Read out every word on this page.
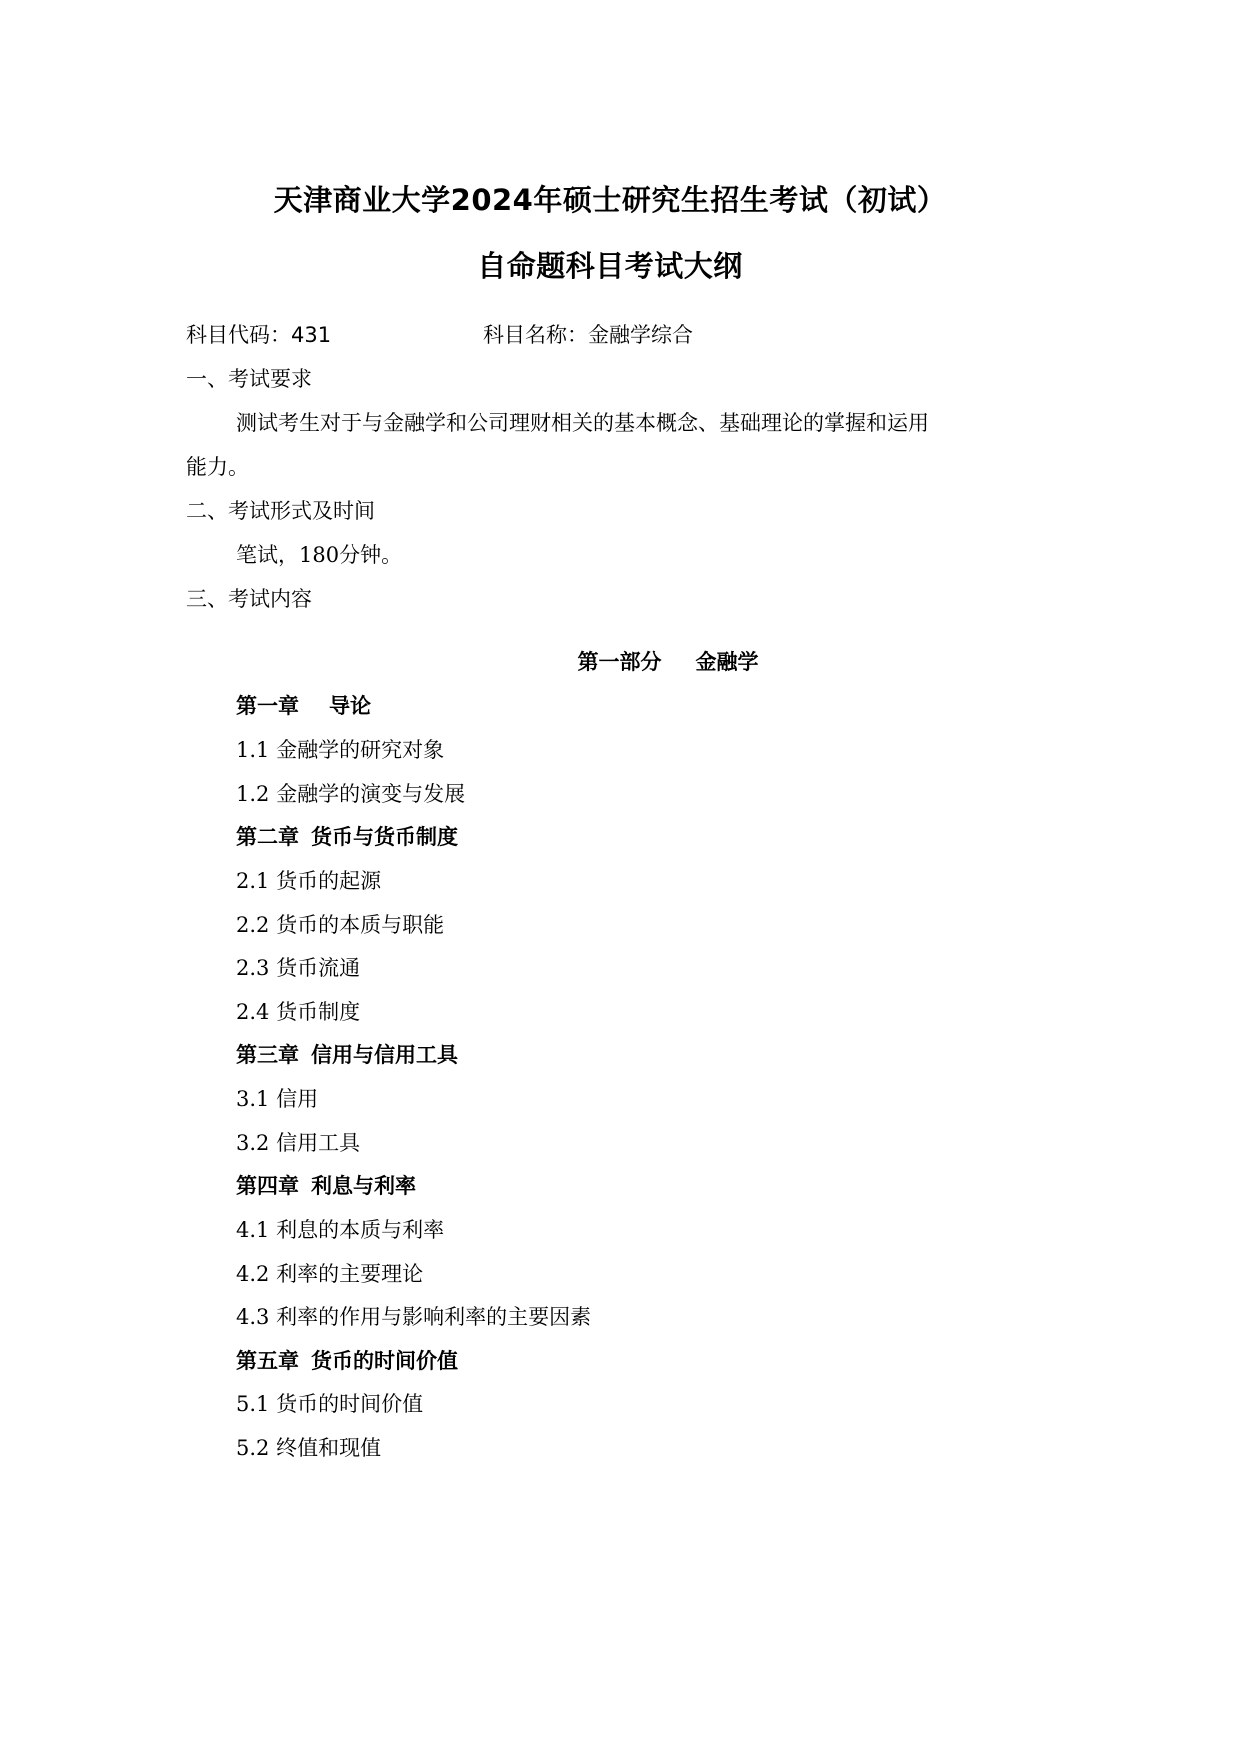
天津商业大学2024年硕士研究生招生考试（初试）
自命题科目考试大纲
科目代码：431	科目名称：金融学综合
一、考试要求
测试考生对于与金融学和公司理财相关的基本概念、基础理论的掌握和运用
能力。
二、考试形式及时间
笔试，180分钟。
三、考试内容
第一部分 金融学
第一章 导论
1.1 金融学的研究对象
1.2 金融学的演变与发展
第二章 货币与货币制度
2.1 货币的起源
2.2 货币的本质与职能
2.3 货币流通
2.4 货币制度
第三章 信用与信用工具
3.1 信用
3.2 信用工具
第四章 利息与利率
4.1 利息的本质与利率
4.2 利率的主要理论
4.3 利率的作用与影响利率的主要因素
第五章 货币的时间价值
5.1 货币的时间价值
5.2 终值和现值
